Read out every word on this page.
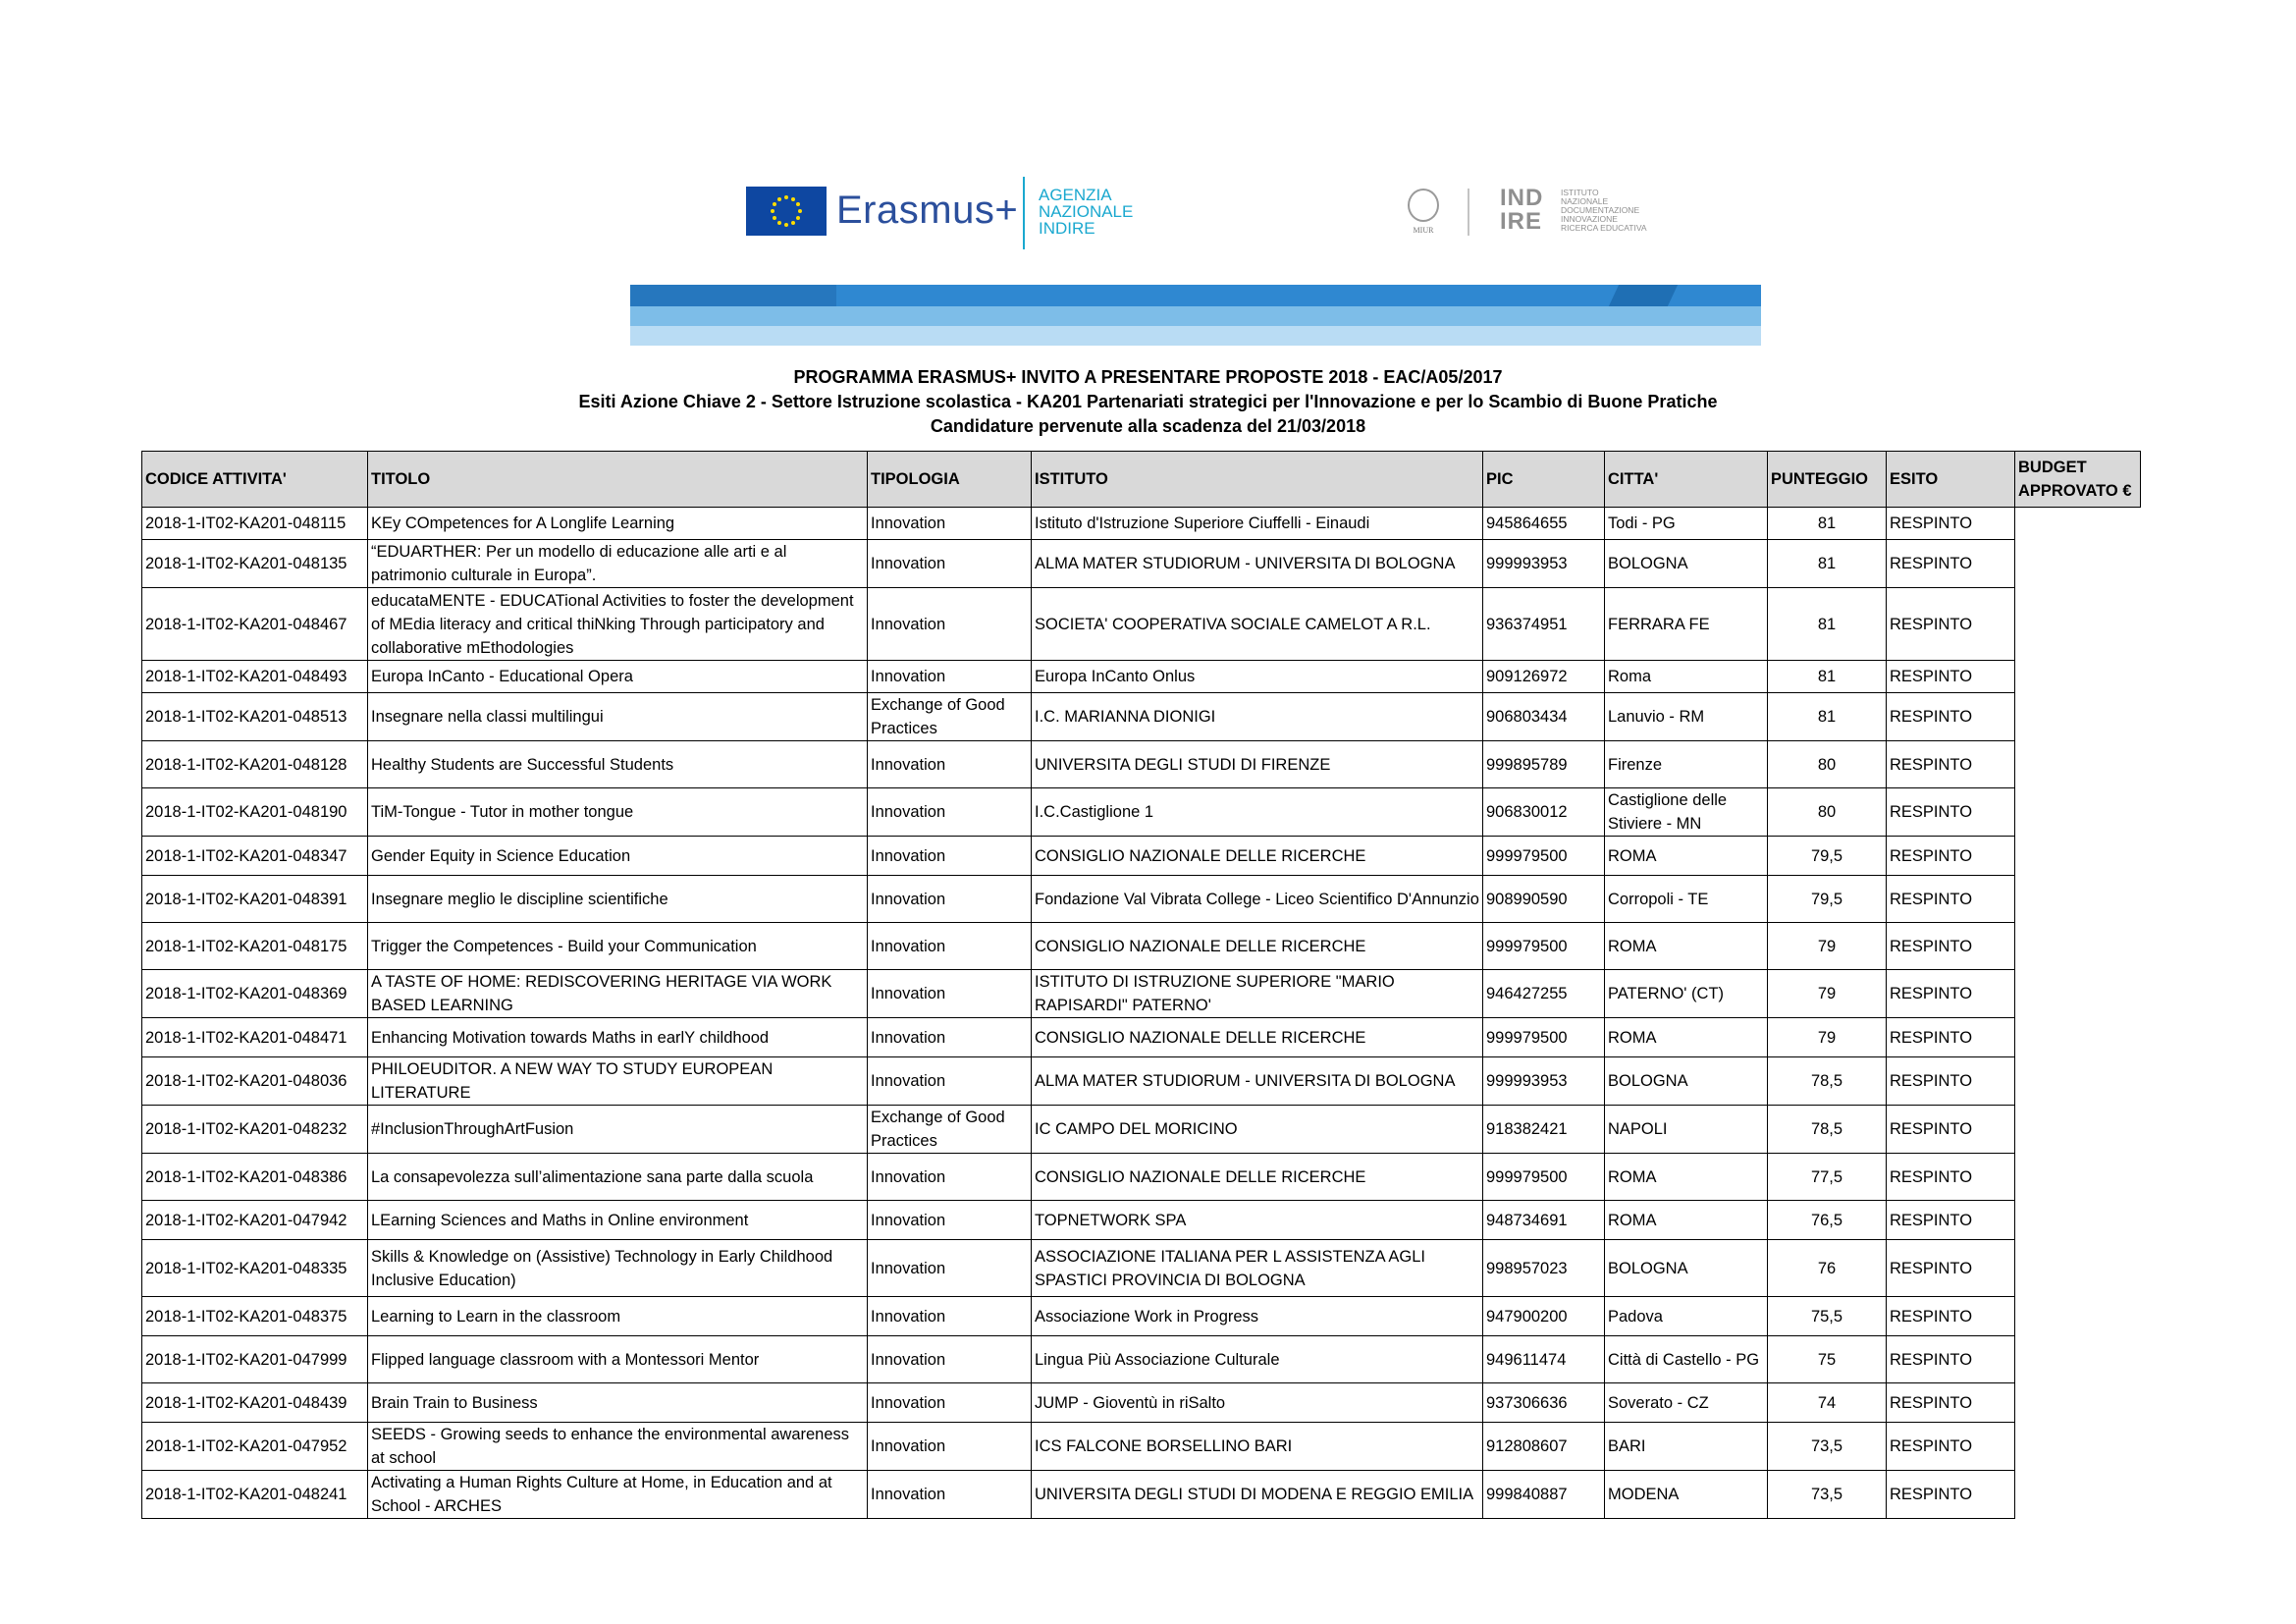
Erasmus+ AGENZIA
NAZIONALE
INDIRE	MIUR
IND
IRE
ISTITUTO
NAZIONALE
DOCUMENTAZIONE
INNOVAZIONE
RICERCA EDUCATIVA
PROGRAMMA ERASMUS+ INVITO A PRESENTARE PROPOSTE 2018 - EAC/A05/2017
Esiti Azione Chiave 2 - Settore Istruzione scolastica - KA201 Partenariati strategici per l'Innovazione e per lo Scambio di Buone Pratiche
Candidature pervenute alla scadenza del 21/03/2018
CODICE ATTIVITA'	TITOLO	TIPOLOGIA	ISTITUTO	PIC	CITTA'	PUNTEGGIO	ESITO	BUDGET APPROVATO €
2018-1-IT02-KA201-048115	KEy COmpetences for A Longlife Learning	Innovation	Istituto d'Istruzione Superiore Ciuffelli - Einaudi	945864655	Todi - PG	81	RESPINTO	
2018-1-IT02-KA201-048135	“EDUARTHER: Per un modello di educazione alle arti e al patrimonio culturale in Europa”.	Innovation	ALMA MATER STUDIORUM - UNIVERSITA DI BOLOGNA	999993953	BOLOGNA	81	RESPINTO	
2018-1-IT02-KA201-048467	educataMENTE - EDUCATional Activities to foster the development of MEdia literacy and critical thiNking Through participatory and collaborative mEthodologies	Innovation	SOCIETA' COOPERATIVA SOCIALE CAMELOT A R.L.	936374951	FERRARA FE	81	RESPINTO	
2018-1-IT02-KA201-048493	Europa InCanto - Educational Opera	Innovation	Europa InCanto Onlus	909126972	Roma	81	RESPINTO	
2018-1-IT02-KA201-048513	Insegnare nella classi multilingui	Exchange of Good Practices	I.C. MARIANNA DIONIGI	906803434	Lanuvio - RM	81	RESPINTO	
2018-1-IT02-KA201-048128	Healthy Students are Successful Students	Innovation	UNIVERSITA DEGLI STUDI DI FIRENZE	999895789	Firenze	80	RESPINTO	
2018-1-IT02-KA201-048190	TiM-Tongue - Tutor in mother tongue	Innovation	I.C.Castiglione 1	906830012	Castiglione delle Stiviere - MN	80	RESPINTO	
2018-1-IT02-KA201-048347	Gender Equity in Science Education	Innovation	CONSIGLIO NAZIONALE DELLE RICERCHE	999979500	ROMA	79,5	RESPINTO	
2018-1-IT02-KA201-048391	Insegnare meglio le discipline scientifiche	Innovation	Fondazione Val Vibrata College - Liceo Scientifico D'Annunzio	908990590	Corropoli - TE	79,5	RESPINTO	
2018-1-IT02-KA201-048175	Trigger the Competences - Build your Communication	Innovation	CONSIGLIO NAZIONALE DELLE RICERCHE	999979500	ROMA	79	RESPINTO	
2018-1-IT02-KA201-048369	A TASTE OF HOME: REDISCOVERING HERITAGE VIA WORK BASED LEARNING	Innovation	ISTITUTO DI ISTRUZIONE SUPERIORE "MARIO RAPISARDI" PATERNO'	946427255	PATERNO' (CT)	79	RESPINTO	
2018-1-IT02-KA201-048471	Enhancing Motivation towards Maths in earlY childhood	Innovation	CONSIGLIO NAZIONALE DELLE RICERCHE	999979500	ROMA	79	RESPINTO	
2018-1-IT02-KA201-048036	PHILOEUDITOR. A NEW WAY TO STUDY EUROPEAN LITERATURE	Innovation	ALMA MATER STUDIORUM - UNIVERSITA DI BOLOGNA	999993953	BOLOGNA	78,5	RESPINTO	
2018-1-IT02-KA201-048232	#InclusionThroughArtFusion	Exchange of Good Practices	IC CAMPO DEL MORICINO	918382421	NAPOLI	78,5	RESPINTO	
2018-1-IT02-KA201-048386	La consapevolezza sull’alimentazione sana parte dalla scuola	Innovation	CONSIGLIO NAZIONALE DELLE RICERCHE	999979500	ROMA	77,5	RESPINTO	
2018-1-IT02-KA201-047942	LEarning Sciences and Maths in Online environment	Innovation	TOPNETWORK SPA	948734691	ROMA	76,5	RESPINTO	
2018-1-IT02-KA201-048335	Skills & Knowledge on (Assistive) Technology in Early Childhood Inclusive Education)	Innovation	ASSOCIAZIONE ITALIANA PER L ASSISTENZA AGLI SPASTICI PROVINCIA DI BOLOGNA	998957023	BOLOGNA	76	RESPINTO	
2018-1-IT02-KA201-048375	Learning to Learn in the classroom	Innovation	Associazione Work in Progress	947900200	Padova	75,5	RESPINTO	
2018-1-IT02-KA201-047999	Flipped language classroom with a Montessori Mentor	Innovation	Lingua Più Associazione Culturale	949611474	Città di Castello - PG	75	RESPINTO	
2018-1-IT02-KA201-048439	Brain Train to Business	Innovation	JUMP - Gioventù in riSalto	937306636	Soverato - CZ	74	RESPINTO	
2018-1-IT02-KA201-047952	SEEDS - Growing seeds to enhance the environmental awareness at school	Innovation	ICS FALCONE BORSELLINO BARI	912808607	BARI	73,5	RESPINTO	
2018-1-IT02-KA201-048241	Activating a Human Rights Culture at Home, in Education and at School - ARCHES	Innovation	UNIVERSITA DEGLI STUDI DI MODENA E REGGIO EMILIA	999840887	MODENA	73,5	RESPINTO	
